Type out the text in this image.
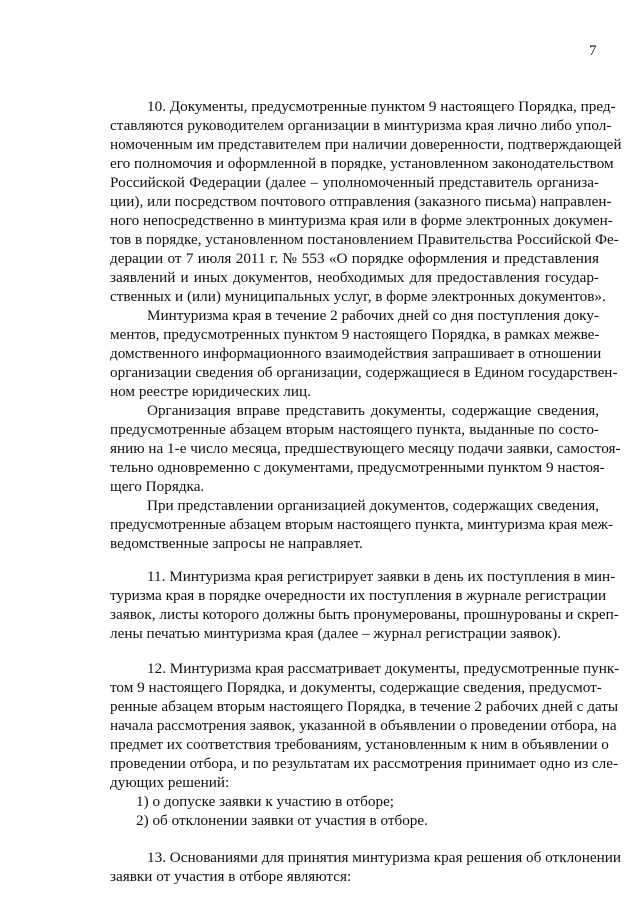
7
10. Документы, предусмотренные пунктом 9 настоящего Порядка, пред-
ставляются руководителем организации в минтуризма края лично либо упол-
номоченным им представителем при наличии доверенности, подтверждающей
его полномочия и оформленной в порядке, установленном законодательством
Российской Федерации (далее – уполномоченный представитель организа-
ции), или посредством почтового отправления (заказного письма) направлен-
ного непосредственно в минтуризма края или в форме электронных докумен-
тов в порядке, установленном постановлением Правительства Российской Фе-
дерации от 7 июля 2011 г. № 553 «О порядке оформления и представления
заявлений и иных документов, необходимых для предоставления государ-
ственных и (или) муниципальных услуг, в форме электронных документов».
Минтуризма края в течение 2 рабочих дней со дня поступления доку-
ментов, предусмотренных пунктом 9 настоящего Порядка, в рамках межве-
домственного информационного взаимодействия запрашивает в отношении
организации сведения об организации, содержащиеся в Едином государствен-
ном реестре юридических лиц.
Организация вправе представить документы, содержащие сведения,
предусмотренные абзацем вторым настоящего пункта, выданные по состо-
янию на 1-е число месяца, предшествующего месяцу подачи заявки, самостоя-
тельно одновременно с документами, предусмотренными пунктом 9 настоя-
щего Порядка.
При представлении организацией документов, содержащих сведения,
предусмотренные абзацем вторым настоящего пункта, минтуризма края меж-
ведомственные запросы не направляет.
11. Минтуризма края регистрирует заявки в день их поступления в мин-
туризма края в порядке очередности их поступления в журнале регистрации
заявок, листы которого должны быть пронумерованы, прошнурованы и скреп-
лены печатью минтуризма края (далее – журнал регистрации заявок).
12. Минтуризма края рассматривает документы, предусмотренные пунк-
том 9 настоящего Порядка, и документы, содержащие сведения, предусмот-
ренные абзацем вторым настоящего Порядка, в течение 2 рабочих дней с даты
начала рассмотрения заявок, указанной в объявлении о проведении отбора, на
предмет их соответствия требованиям, установленным к ним в объявлении о
проведении отбора, и по результатам их рассмотрения принимает одно из сле-
дующих решений:
1) о допуске заявки к участию в отборе;
2) об отклонении заявки от участия в отборе.
13. Основаниями для принятия минтуризма края решения об отклонении
заявки от участия в отборе являются:
